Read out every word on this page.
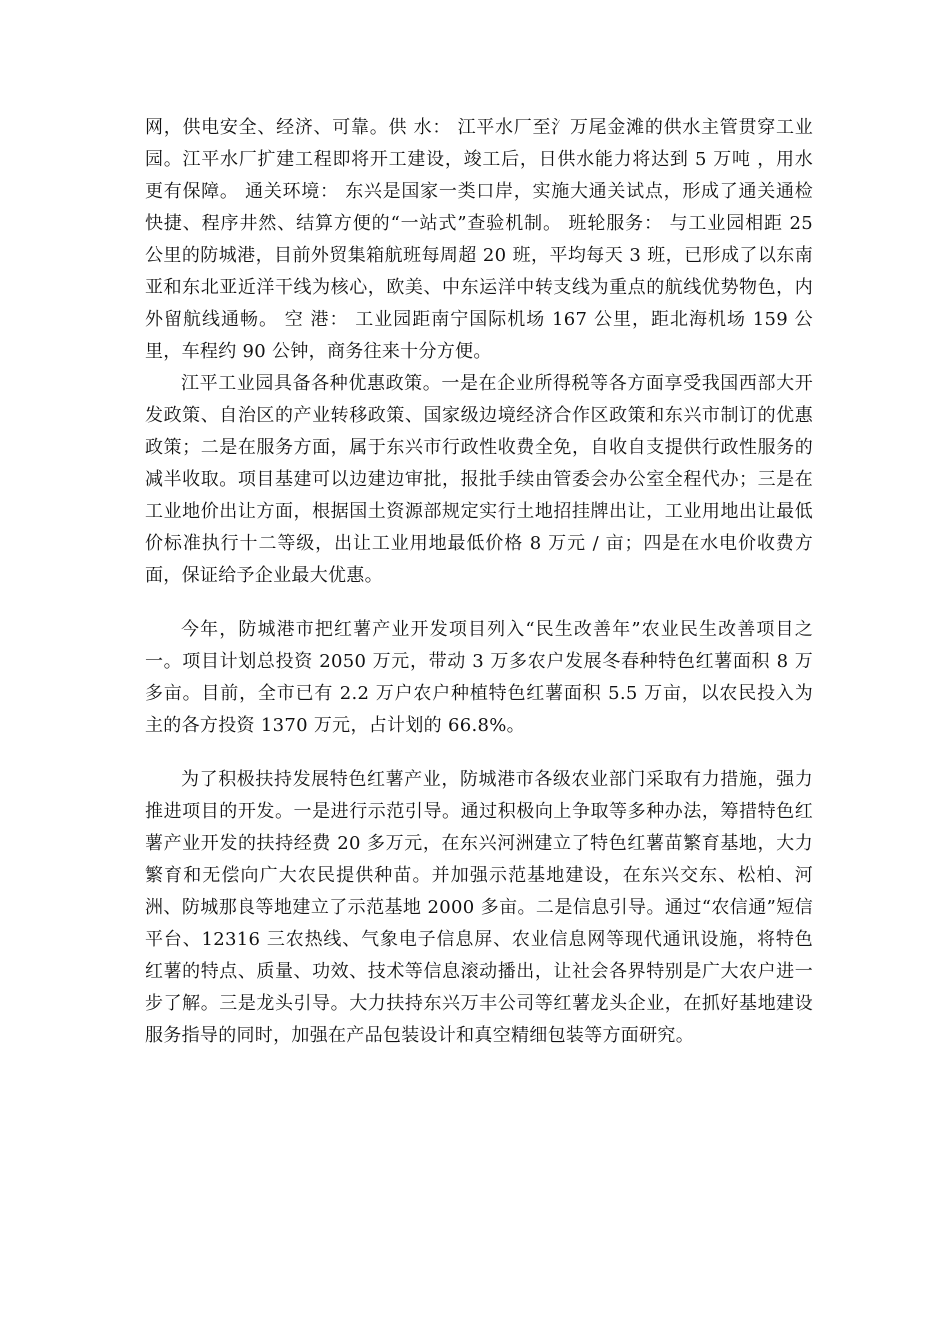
网，供电安全、经济、可靠。供 水： 江平水厂至氵万尾金滩的供水主管贯穿工业园。江平水厂扩建工程即将开工建设，竣工后，日供水能力将达到 5 万吨 ，用水更有保障。 通关环境： 东兴是国家一类口岸，实施大通关试点，形成了通关通检快捷、程序井然、结算方便的“一站式”查验机制。 班轮服务： 与工业园相距 25 公里的防城港，目前外贸集箱航班每周超 20 班，平均每天 3 班，已形成了以东南亚和东北亚近洋干线为核心，欧美、中东运洋中转支线为重点的航线优势物色，内外留航线通畅。 空 港： 工业园距南宁国际机场 167 公里，距北海机场 159 公里，车程约 90 公钟，商务往来十分方便。

江平工业园具备各种优惠政策。一是在企业所得税等各方面享受我国西部大开发政策、自治区的产业转移政策、国家级边境经济合作区政策和东兴市制订的优惠政策；二是在服务方面，属于东兴市行政性收费全免，自收自支提供行政性服务的减半收取。项目基建可以边建边审批，报批手续由管委会办公室全程代办；三是在工业地价出让方面，根据国土资源部规定实行土地招挂牌出让，工业用地出让最低价标准执行十二等级，出让工业用地最低价格 8 万元 / 亩；四是在水电价收费方面，保证给予企业最大优惠。

今年，防城港市把红薯产业开发项目列入“民生改善年”农业民生改善项目之一。项目计划总投资 2050 万元，带动 3 万多农户发展冬春种特色红薯面积 8 万多亩。目前，全市已有 2.2 万户农户种植特色红薯面积 5.5 万亩，以农民投入为主的各方投资 1370 万元，占计划的 66.8%。

为了积极扶持发展特色红薯产业，防城港市各级农业部门采取有力措施，强力推进项目的开发。一是进行示范引导。通过积极向上争取等多种办法，筹措特色红薯产业开发的扶持经费 20 多万元，在东兴河洲建立了特色红薯苗繁育基地，大力繁育和无偿向广大农民提供种苗。并加强示范基地建设，在东兴交东、松柏、河洲、防城那良等地建立了示范基地 2000 多亩。二是信息引导。通过“农信通”短信平台、12316 三农热线、气象电子信息屏、农业信息网等现代通讯设施，将特色红薯的特点、质量、功效、技术等信息滚动播出，让社会各界特别是广大农户进一步了解。三是龙头引导。大力扶持东兴万丰公司等红薯龙头企业，在抓好基地建设服务指导的同时，加强在产品包装设计和真空精细包装等方面研究。
